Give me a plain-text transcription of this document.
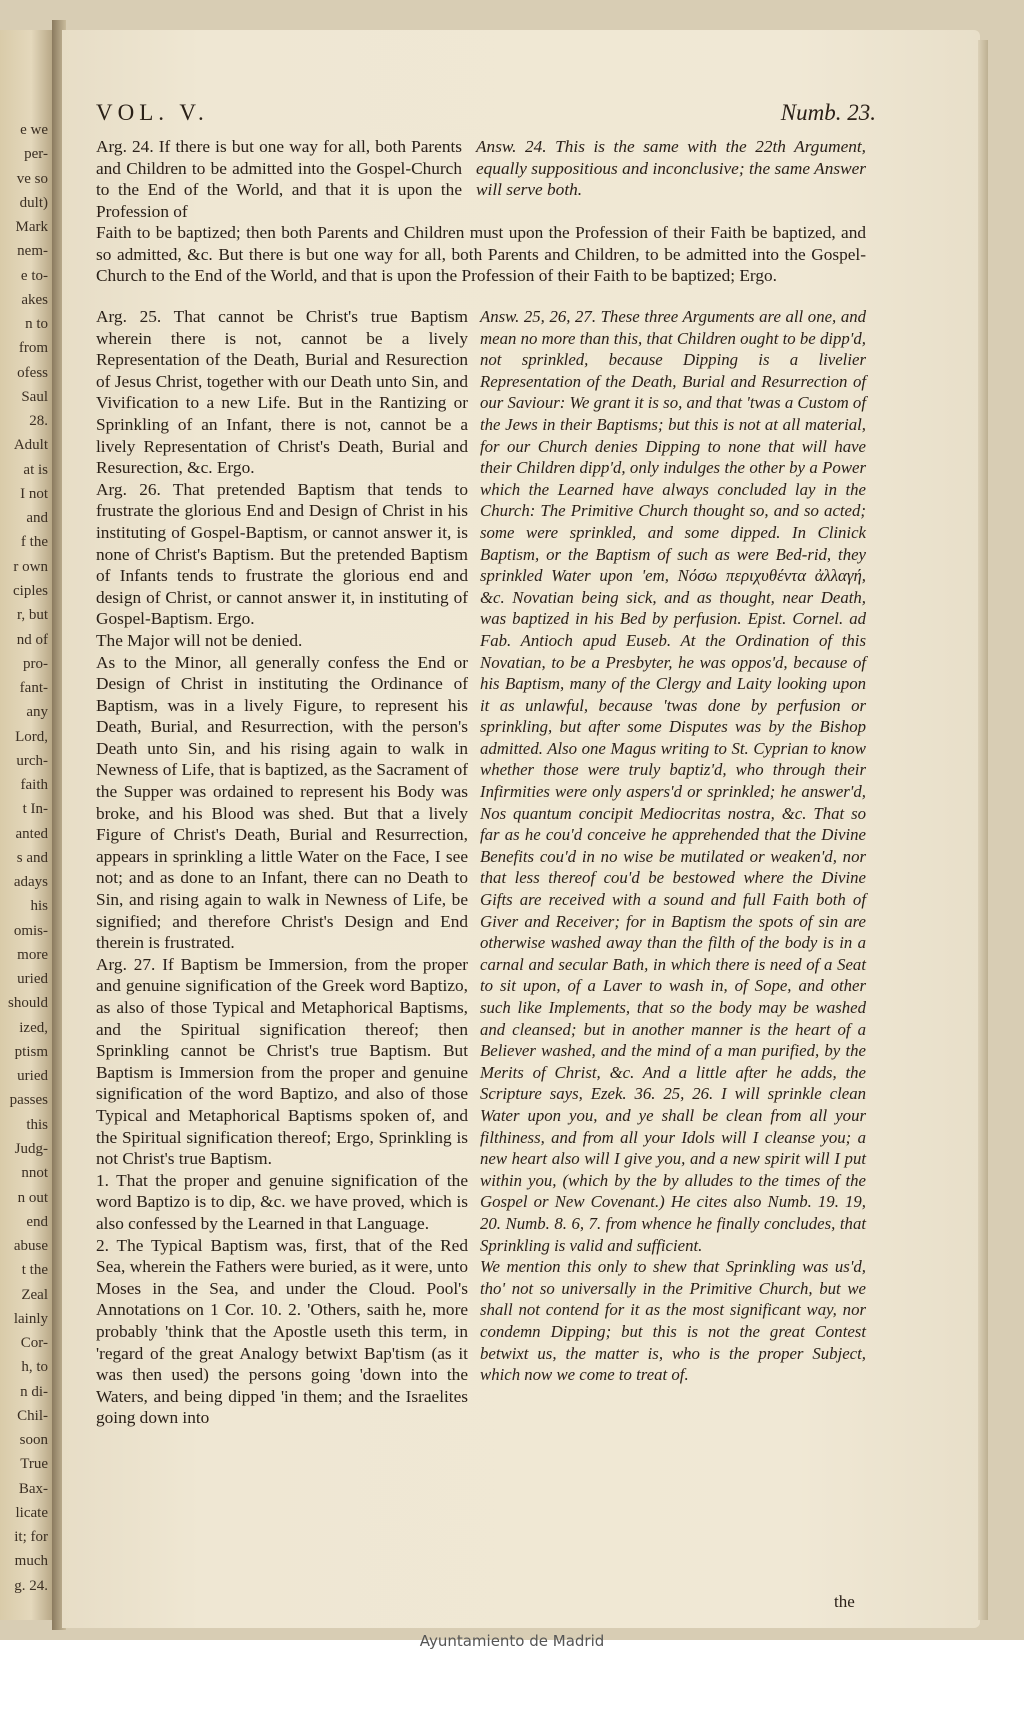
e we
per-
ve so
dult)
Mark
nem-
e to-
akes
n to
from
ofess
Saul
28.
Adult
at is
I not
and
f the
r own
ciples
r, but
nd of
pro-
fant-
any
Lord,
urch-
faith
t In-
anted
s and
adays
his
omis-
more
uried
should
ized,
ptism
uried
passes
this
Judg-
nnot
n out
end
abuse
t the
Zeal
lainly
Cor-
h, to
n di-
Chil-
soon
True
Bax-
licate
it; for
much
g. 24.
VOL. V.	Numb. 23.

Arg. 24. If there is but one way for all, both Parents and Children to be admitted into the Gospel-Church to the End of the World, and that it is upon the Profession of

Answ. 24. This is the same with the 22th Argument, equally suppositious and inconclusive; the same Answer will serve both.

Faith to be baptized; then both Parents and Children must upon the Profession of their Faith be baptized, and so admitted, &c. But there is but one way for all, both Parents and Children, to be admitted into the Gospel-Church to the End of the World, and that is upon the Profession of their Faith to be baptized; Ergo.

Arg. 25. That cannot be Christ's true Baptism wherein there is not, cannot be a lively Representation of the Death, Burial and Resurection of Jesus Christ, together with our Death unto Sin, and Vivification to a new Life. But in the Rantizing or Sprinkling of an Infant, there is not, cannot be a lively Representation of Christ's Death, Burial and Resurection, &c. Ergo.

Arg. 26. That pretended Baptism that tends to frustrate the glorious End and Design of Christ in his instituting of Gospel-Baptism, or cannot answer it, is none of Christ's Baptism. But the pretended Baptism of Infants tends to frustrate the glorious end and design of Christ, or cannot answer it, in instituting of Gospel-Baptism. Ergo.

The Major will not be denied.

As to the Minor, all generally confess the End or Design of Christ in instituting the Ordinance of Baptism, was in a lively Figure, to represent his Death, Burial, and Resurrection, with the person's Death unto Sin, and his rising again to walk in Newness of Life, that is baptized, as the Sacrament of the Supper was ordained to represent his Body was broke, and his Blood was shed. But that a lively Figure of Christ's Death, Burial and Resurrection, appears in sprinkling a little Water on the Face, I see not; and as done to an Infant, there can no Death to Sin, and rising again to walk in Newness of Life, be signified; and therefore Christ's Design and End therein is frustrated.

Arg. 27. If Baptism be Immersion, from the proper and genuine signification of the Greek word Baptizo, as also of those Typical and Metaphorical Baptisms, and the Spiritual signification thereof; then Sprinkling cannot be Christ's true Baptism. But Baptism is Immersion from the proper and genuine signification of the word Baptizo, and also of those Typical and Metaphorical Baptisms spoken of, and the Spiritual signification thereof; Ergo, Sprinkling is not Christ's true Baptism.

1. That the proper and genuine signification of the word Baptizo is to dip, &c. we have proved, which is also confessed by the Learned in that Language.

2. The Typical Baptism was, first, that of the Red Sea, wherein the Fathers were buried, as it were, unto Moses in the Sea, and under the Cloud. Pool's Annotations on 1 Cor. 10. 2. 'Others, saith he, more probably 'think that the Apostle useth this term, in 'regard of the great Analogy betwixt Bap'tism (as it was then used) the persons going 'down into the Waters, and being dipped 'in them; and the Israelites going down into

Answ. 25, 26, 27. These three Arguments are all one, and mean no more than this, that Children ought to be dipp'd, not sprinkled, because Dipping is a livelier Representation of the Death, Burial and Resurrection of our Saviour: We grant it is so, and that 'twas a Custom of the Jews in their Baptisms; but this is not at all material, for our Church denies Dipping to none that will have their Children dipp'd, only indulges the other by a Power which the Learned have always concluded lay in the Church: The Primitive Church thought so, and so acted; some were sprinkled, and some dipped. In Clinick Baptism, or the Baptism of such as were Bed-rid, they sprinkled Water upon 'em, Νόσω περιχυθέντα ἀλλαγή, &c. Novatian being sick, and as thought, near Death, was baptized in his Bed by perfusion. Epist. Cornel. ad Fab. Antioch apud Euseb. At the Ordination of this Novatian, to be a Presbyter, he was oppos'd, because of his Baptism, many of the Clergy and Laity looking upon it as unlawful, because 'twas done by perfusion or sprinkling, but after some Disputes was by the Bishop admitted. Also one Magus writing to St. Cyprian to know whether those were truly baptiz'd, who through their Infirmities were only aspers'd or sprinkled; he answer'd, Nos quantum concipit Mediocritas nostra, &c. That so far as he cou'd conceive he apprehended that the Divine Benefits cou'd in no wise be mutilated or weaken'd, nor that less thereof cou'd be bestowed where the Divine Gifts are received with a sound and full Faith both of Giver and Receiver; for in Baptism the spots of sin are otherwise washed away than the filth of the body is in a carnal and secular Bath, in which there is need of a Seat to sit upon, of a Laver to wash in, of Sope, and other such like Implements, that so the body may be washed and cleansed; but in another manner is the heart of a Believer washed, and the mind of a man purified, by the Merits of Christ, &c. And a little after he adds, the Scripture says, Ezek. 36. 25, 26. I will sprinkle clean Water upon you, and ye shall be clean from all your filthiness, and from all your Idols will I cleanse you; a new heart also will I give you, and a new spirit will I put within you, (which by the by alludes to the times of the Gospel or New Covenant.) He cites also Numb. 19. 19, 20. Numb. 8. 6, 7. from whence he finally concludes, that Sprinkling is valid and sufficient.

We mention this only to shew that Sprinkling was us'd, tho' not so universally in the Primitive Church, but we shall not contend for it as the most significant way, nor condemn Dipping; but this is not the great Contest betwixt us, the matter is, who is the proper Subject, which now we come to treat of.

the
Ayuntamiento de Madrid
